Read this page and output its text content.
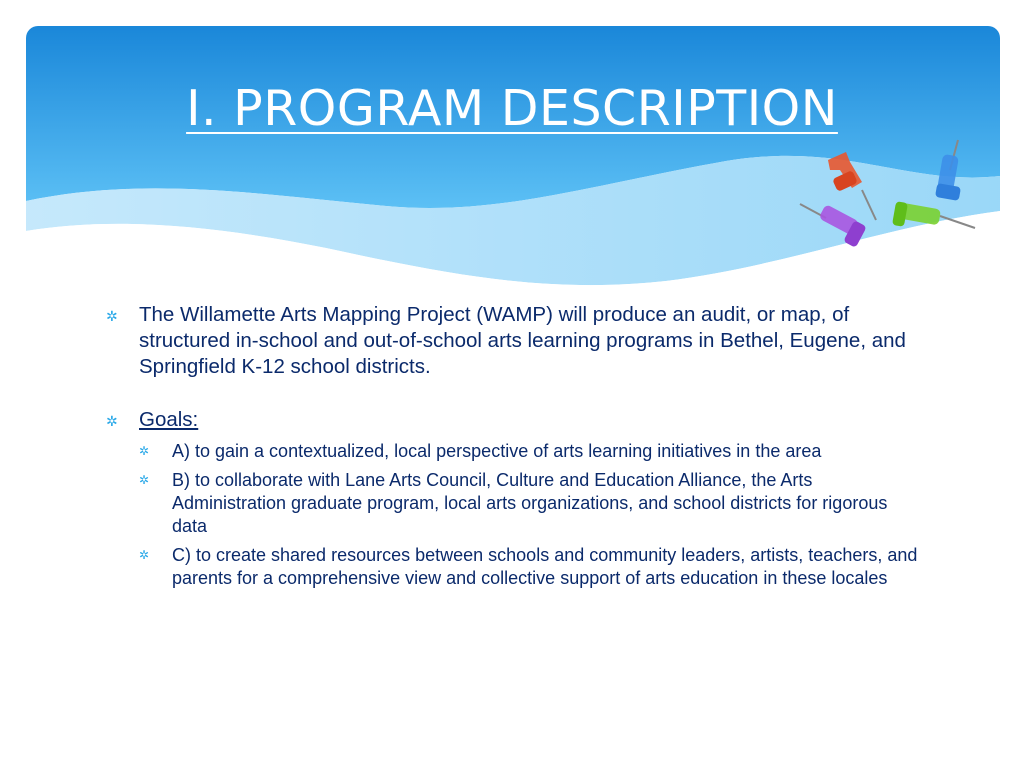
I. PROGRAM DESCRIPTION
✲	The Willamette Arts Mapping Project (WAMP) will produce an audit, or map, of structured in-school and out-of-school arts learning programs in Bethel, Eugene, and Springfield K-12 school districts.
✲	Goals:
✲	A) to gain a contextualized, local perspective of arts learning initiatives in the area
✲	B) to collaborate with Lane Arts Council, Culture and Education Alliance, the Arts Administration graduate program, local arts organizations, and school districts for rigorous data
✲	C) to create shared resources between schools and community leaders, artists, teachers, and parents for a comprehensive view and collective support of arts education in these locales
